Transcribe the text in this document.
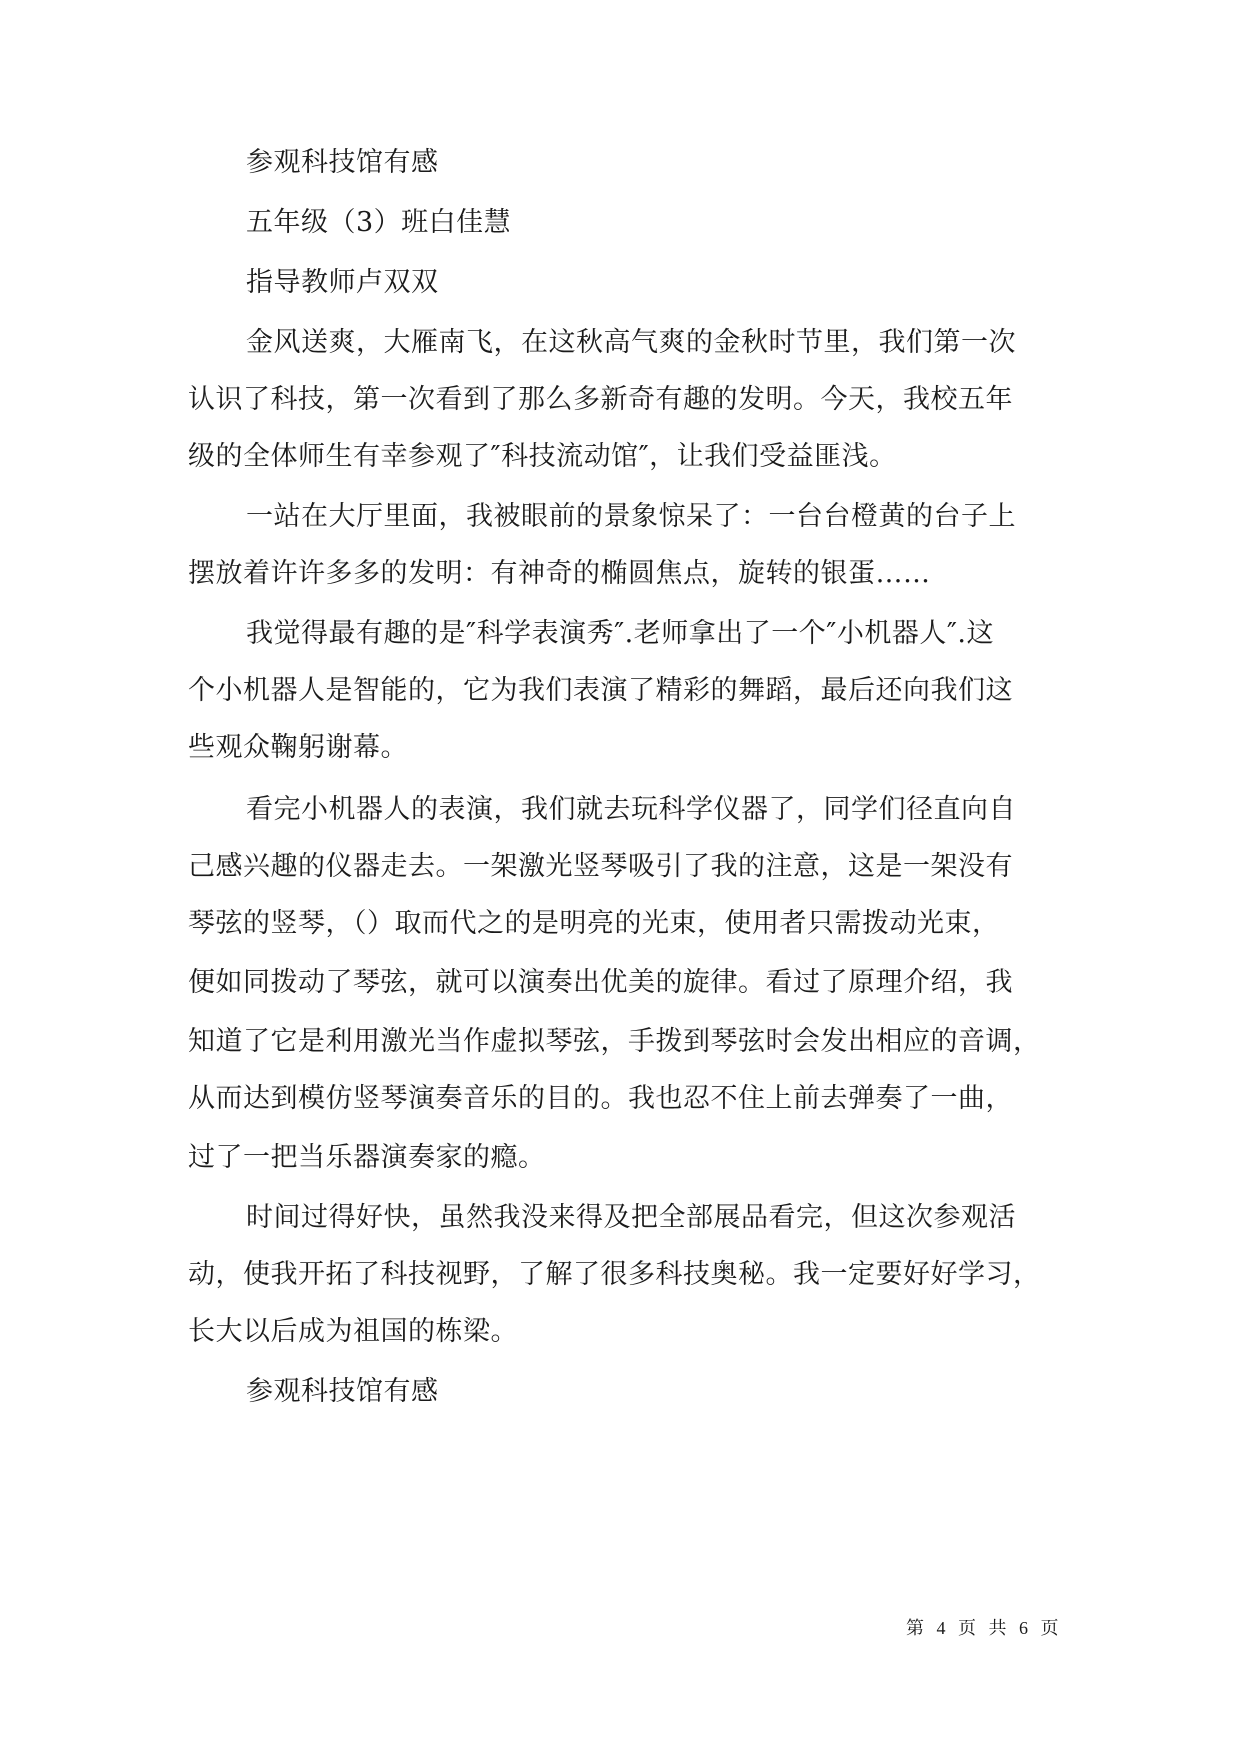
参观科技馆有感
五年级（3）班白佳慧
指导教师卢双双
金风送爽，大雁南飞，在这秋高气爽的金秋时节里，我们第一次
认识了科技，第一次看到了那么多新奇有趣的发明。今天，我校五年
级的全体师生有幸参观了″科技流动馆″，让我们受益匪浅。
一站在大厅里面，我被眼前的景象惊呆了：一台台橙黄的台子上
摆放着许许多多的发明：有神奇的椭圆焦点，旋转的银蛋……
我觉得最有趣的是″科学表演秀″.老师拿出了一个″小机器人″.这
个小机器人是智能的，它为我们表演了精彩的舞蹈，最后还向我们这
些观众鞠躬谢幕。
看完小机器人的表演，我们就去玩科学仪器了，同学们径直向自
己感兴趣的仪器走去。一架激光竖琴吸引了我的注意，这是一架没有
琴弦的竖琴，（）取而代之的是明亮的光束，使用者只需拨动光束，
便如同拨动了琴弦，就可以演奏出优美的旋律。看过了原理介绍，我
知道了它是利用激光当作虚拟琴弦，手拨到琴弦时会发出相应的音调，
从而达到模仿竖琴演奏音乐的目的。我也忍不住上前去弹奏了一曲，
过了一把当乐器演奏家的瘾。
时间过得好快，虽然我没来得及把全部展品看完，但这次参观活
动，使我开拓了科技视野，了解了很多科技奥秘。我一定要好好学习，
长大以后成为祖国的栋梁。
参观科技馆有感
第 4 页 共 6 页
